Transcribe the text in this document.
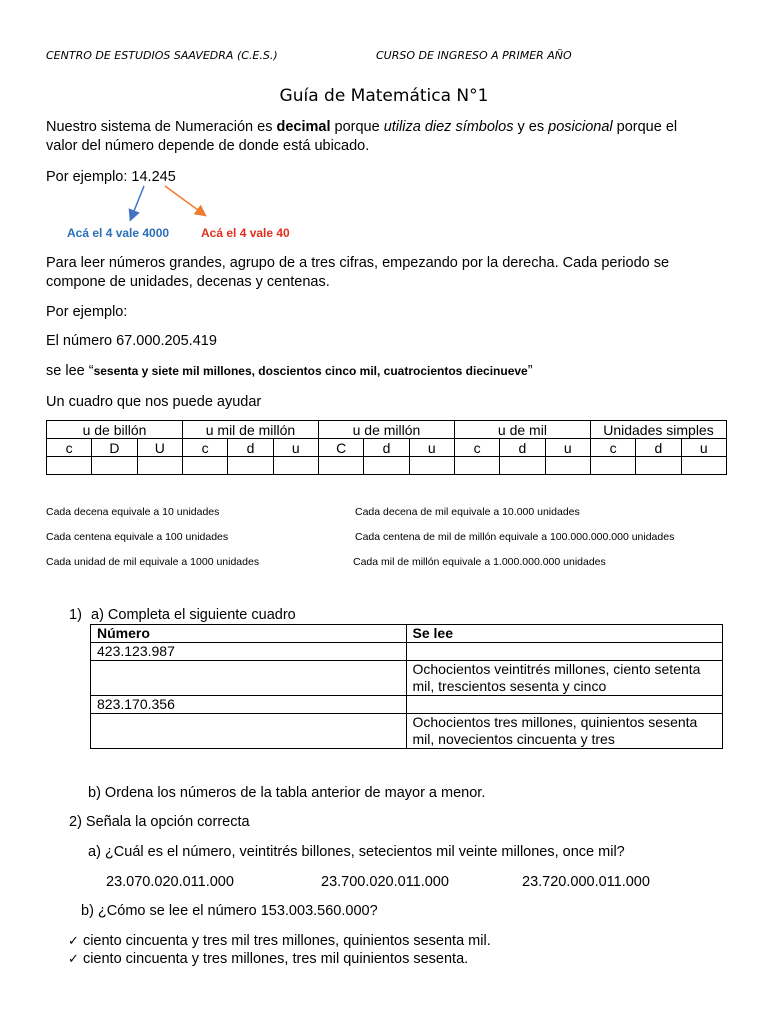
CENTRO DE ESTUDIOS SAAVEDRA (C.E.S.)	CURSO DE INGRESO A PRIMER AÑO
Guía de Matemática N°1
Nuestro sistema de Numeración es decimal porque utiliza diez símbolos y es posicional porque el
valor del número depende de donde está ubicado.
Por ejemplo: 14.245
Acá el 4 vale 4000	Acá el 4 vale 40
Para leer números grandes, agrupo de a tres cifras, empezando por la derecha. Cada periodo se
compone de unidades, decenas y centenas.
Por ejemplo:
El número 67.000.205.419
se lee “sesenta y siete mil millones, doscientos cinco mil, cuatrocientos diecinueve”
Un cuadro que nos puede ayudar
u de billón			u mil de millón			u de millón			u de mil			Unidades simples		
c	D	U	c	d	u	C	d	u	c	d	u	c	d	u

Cada decena equivale a 10 unidades
Cada centena equivale a 100 unidades
Cada unidad de mil equivale a 1000 unidades
Cada decena de mil equivale a 10.000 unidades
Cada centena de mil de millón equivale a 100.000.000.000 unidades
Cada mil de millón equivale a 1.000.000.000 unidades
1) a) Completa el siguiente cuadro
Número	Se lee
423.123.987	
	Ochocientos veintitrés millones, ciento setenta mil, trescientos sesenta y cinco
823.170.356	
	Ochocientos tres millones, quinientos sesenta mil, novecientos cincuenta y tres
b) Ordena los números de la tabla anterior de mayor a menor.
2) Señala la opción correcta
a) ¿Cuál es el número, veintitrés billones, setecientos mil veinte millones, once mil?
23.070.020.011.000	23.700.020.011.000	23.720.000.011.000
b) ¿Cómo se lee el número 153.003.560.000?
✓ ciento cincuenta y tres mil tres millones, quinientos sesenta mil.
✓ ciento cincuenta y tres millones, tres mil quinientos sesenta.
